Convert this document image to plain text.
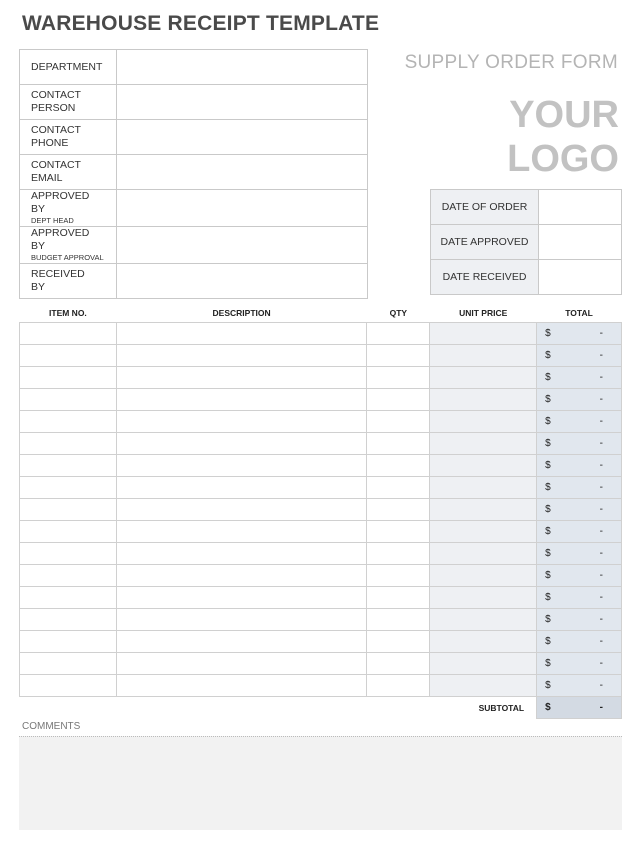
WAREHOUSE RECEIPT TEMPLATE
SUPPLY ORDER FORM
YOUR
LOGO
DEPARTMENT	

CONTACT PERSON	

CONTACT PHONE	

CONTACT EMAIL	

APPROVED BY
DEPT HEAD	

APPROVED BY
BUDGET APPROVAL	

RECEIVED BY	

DATE OF ORDER	
DATE APPROVED	
DATE RECEIVED	
ITEM NO.	DESCRIPTION	QTY	UNIT PRICE	TOTAL

				$ -

				$ -

				$ -

				$ -

				$ -

				$ -

				$ -

				$ -

				$ -

				$ -

				$ -

				$ -

				$ -

				$ -

				$ -

				$ -

				$ -

SUBTOTAL				$ -
COMMENTS
